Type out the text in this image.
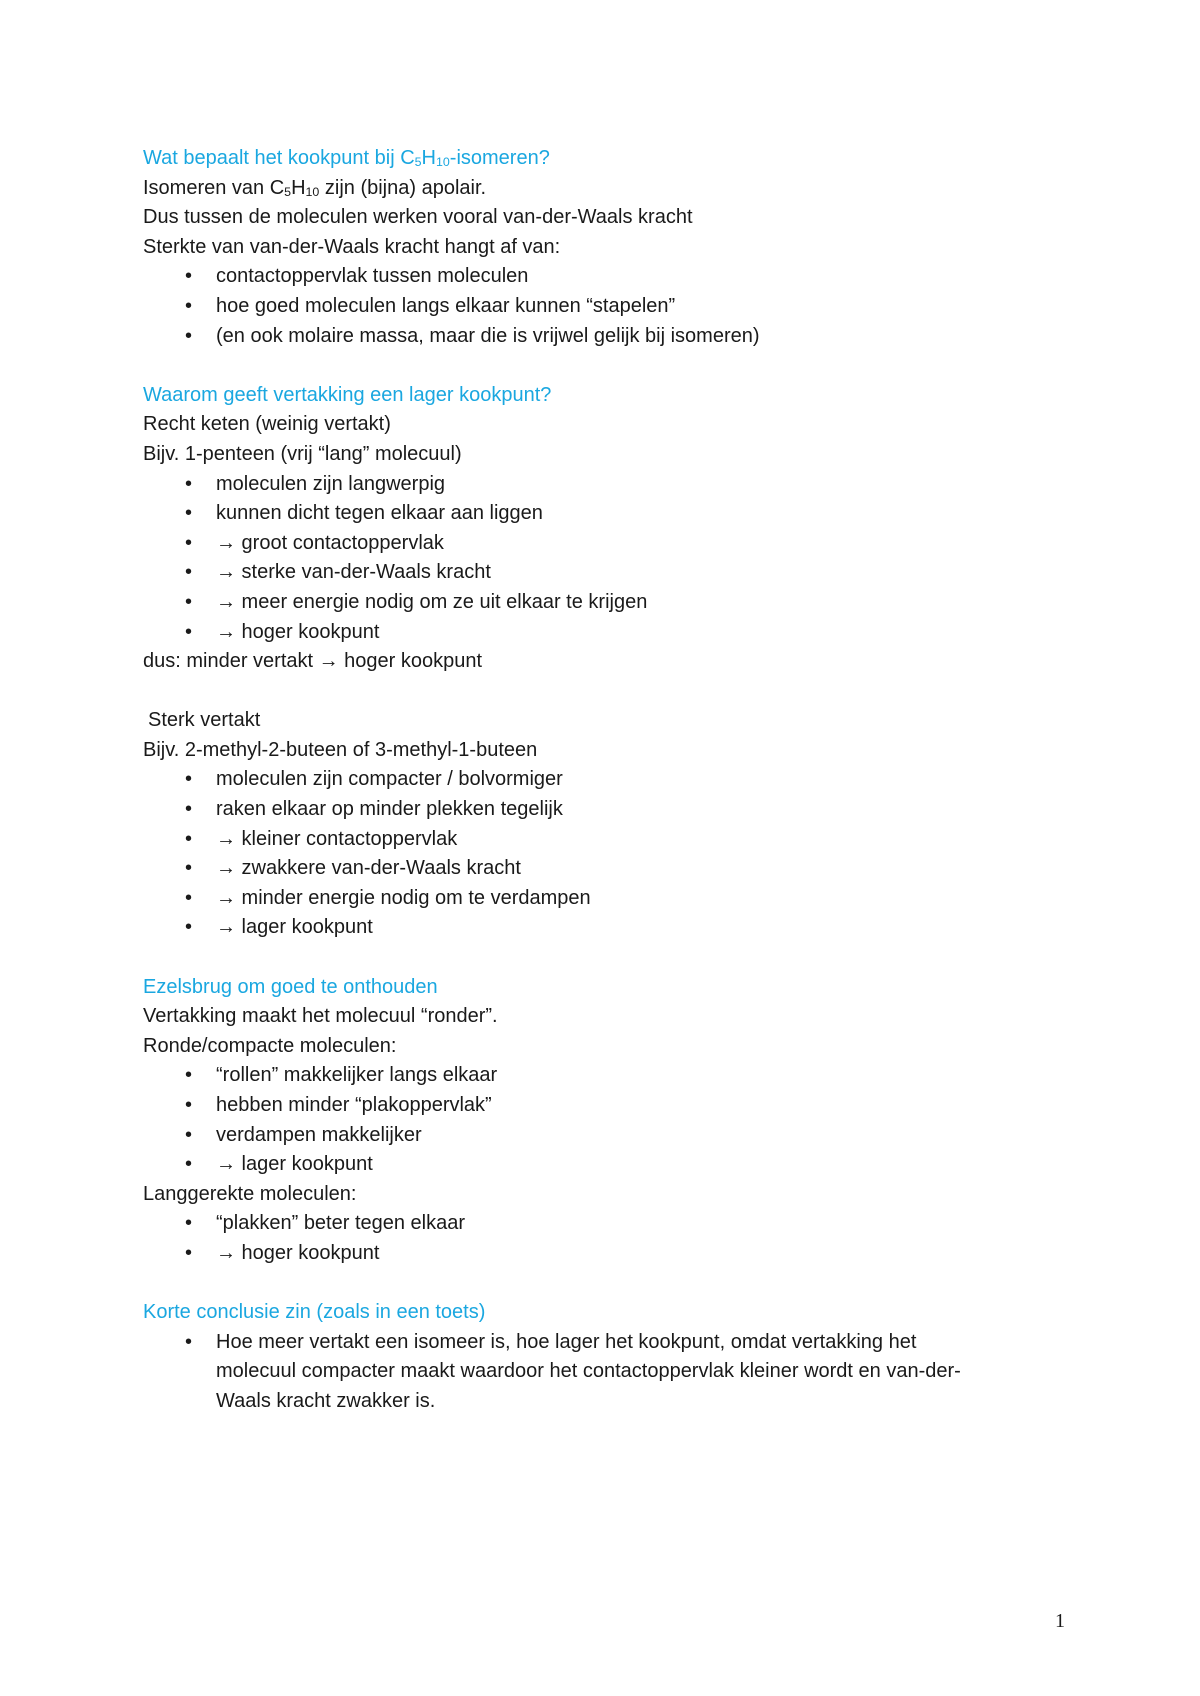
Wat bepaalt het kookpunt bij $C_5H_{10}$-isomeren?
Isomeren van $C_5H_{10}$ zijn (bijna) apolair.
Dus tussen de moleculen werken vooral van-der-Waals kracht
Sterkte van van-der-Waals kracht hangt af van:
• contactoppervlak tussen moleculen
• hoe goed moleculen langs elkaar kunnen “stapelen”
• (en ook molaire massa, maar die is vrijwel gelijk bij isomeren)
Waarom geeft vertakking een lager kookpunt?
Recht keten (weinig vertakt)
Bijv. 1-penteen (vrij “lang” molecuul)
• moleculen zijn langwerpig
• kunnen dicht tegen elkaar aan liggen
• → groot contactoppervlak
• → sterke van-der-Waals kracht
• → meer energie nodig om ze uit elkaar te krijgen
• → hoger kookpunt
dus: minder vertakt → hoger kookpunt
Sterk vertakt
Bijv. 2-methyl-2-buteen of 3-methyl-1-buteen
• moleculen zijn compacter / bolvormiger
• raken elkaar op minder plekken tegelijk
• → kleiner contactoppervlak
• → zwakkere van-der-Waals kracht
• → minder energie nodig om te verdampen
• → lager kookpunt
Ezelsbrug om goed te onthouden
Vertakking maakt het molecuul “ronder”.
Ronde/compacte moleculen:
• “rollen” makkelijker langs elkaar
• hebben minder “plakoppervlak”
• verdampen makkelijker
• → lager kookpunt
Langgerekte moleculen:
• “plakken” beter tegen elkaar
• → hoger kookpunt
Korte conclusie zin (zoals in een toets)
• Hoe meer vertakt een isomeer is, hoe lager het kookpunt, omdat vertakking het
molecuul compacter maakt waardoor het contactoppervlak kleiner wordt en van-der-
Waals kracht zwakker is.
1
